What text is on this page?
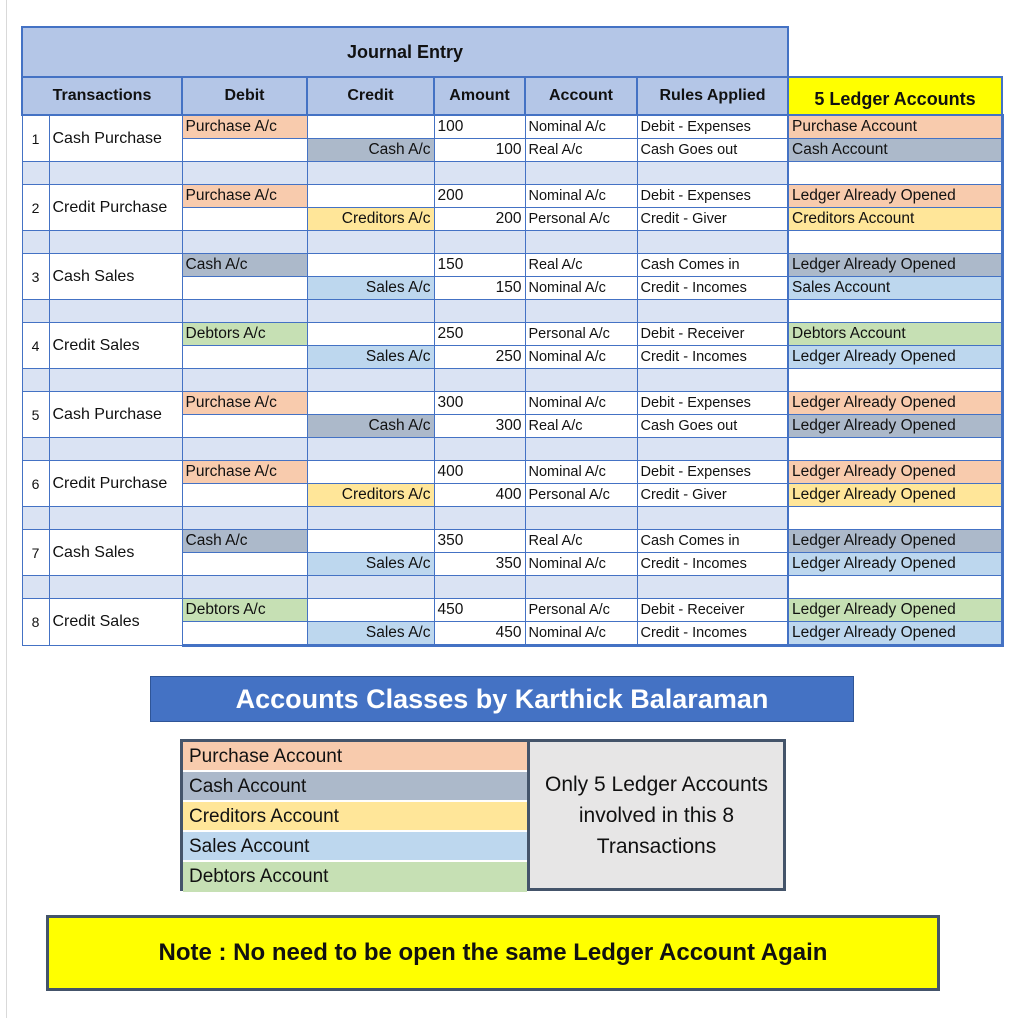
Journal Entry							
Transactions		Debit	Credit	Amount	Account	Rules Applied	5 Ledger Accounts
1	Cash Purchase	Purchase A/c		100	Nominal A/c	Debit - Expenses	Purchase Account
			Cash A/c	100	Real A/c	Cash Goes out	Cash Account

2	Credit Purchase	Purchase A/c		200	Nominal A/c	Debit - Expenses	Ledger Already Opened
			Creditors A/c	200	Personal A/c	Credit - Giver	Creditors Account

3	Cash Sales	Cash A/c		150	Real A/c	Cash Comes in	Ledger Already Opened
			Sales A/c	150	Nominal A/c	Credit - Incomes	Sales Account

4	Credit Sales	Debtors A/c		250	Personal A/c	Debit - Receiver	Debtors Account
			Sales A/c	250	Nominal A/c	Credit - Incomes	Ledger Already Opened

5	Cash Purchase	Purchase A/c		300	Nominal A/c	Debit - Expenses	Ledger Already Opened
			Cash A/c	300	Real A/c	Cash Goes out	Ledger Already Opened

6	Credit Purchase	Purchase A/c		400	Nominal A/c	Debit - Expenses	Ledger Already Opened
			Creditors A/c	400	Personal A/c	Credit - Giver	Ledger Already Opened

7	Cash Sales	Cash A/c		350	Real A/c	Cash Comes in	Ledger Already Opened
			Sales A/c	350	Nominal A/c	Credit - Incomes	Ledger Already Opened

8	Credit Sales	Debtors A/c		450	Personal A/c	Debit - Receiver	Ledger Already Opened
			Sales A/c	450	Nominal A/c	Credit - Incomes	Ledger Already Opened
Accounts Classes by Karthick Balaraman
Purchase Account
Cash Account
Creditors Account
Sales Account
Debtors Account
Only 5 Ledger Accounts involved in this 8 Transactions
Note : No need to be open the same Ledger Account Again
